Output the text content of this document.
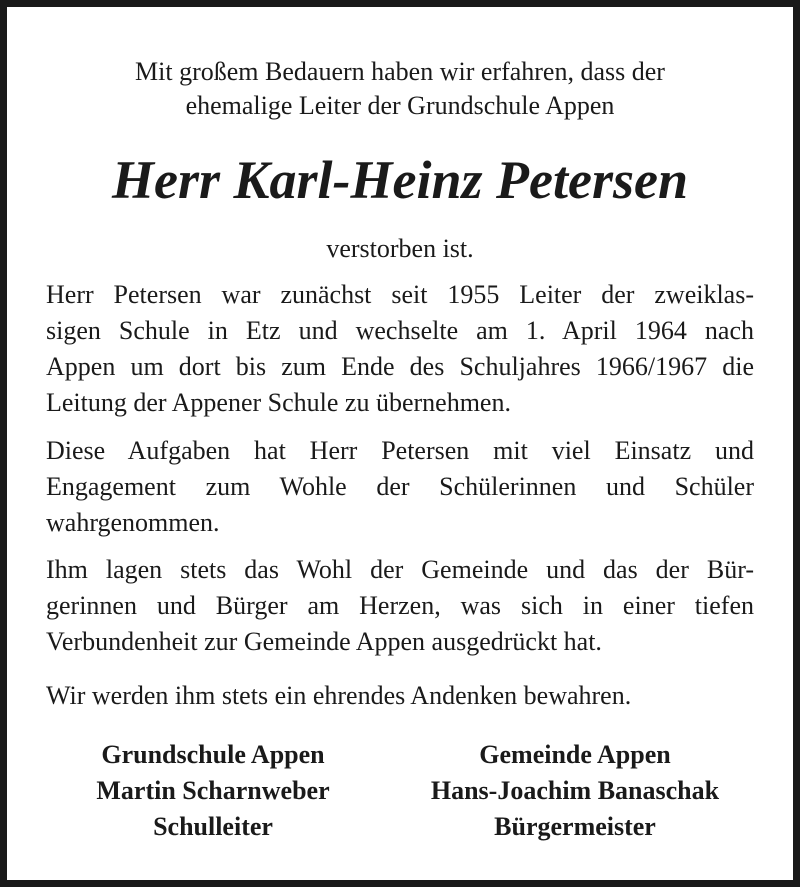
Mit großem Bedauern haben wir erfahren, dass der

ehemalige Leiter der Grundschule Appen

Herr Karl-Heinz Petersen

verstorben ist.

Herr Petersen war zunächst seit 1955 Leiter der zweiklas-
sigen Schule in Etz und wechselte am 1. April 1964 nach
Appen um dort bis zum Ende des Schuljahres 1966/1967 die
Leitung der Appener Schule zu übernehmen.
Diese Aufgaben hat Herr Petersen mit viel Einsatz und
Engagement zum Wohle der Schülerinnen und Schüler
wahrgenommen.
Ihm lagen stets das Wohl der Gemeinde und das der Bür-
gerinnen und Bürger am Herzen, was sich in einer tiefen
Verbundenheit zur Gemeinde Appen ausgedrückt hat.
Wir werden ihm stets ein ehrendes Andenken bewahren.
Grundschule Appen
Martin Scharnweber
Schulleiter
Gemeinde Appen
Hans-Joachim Banaschak
Bürgermeister
